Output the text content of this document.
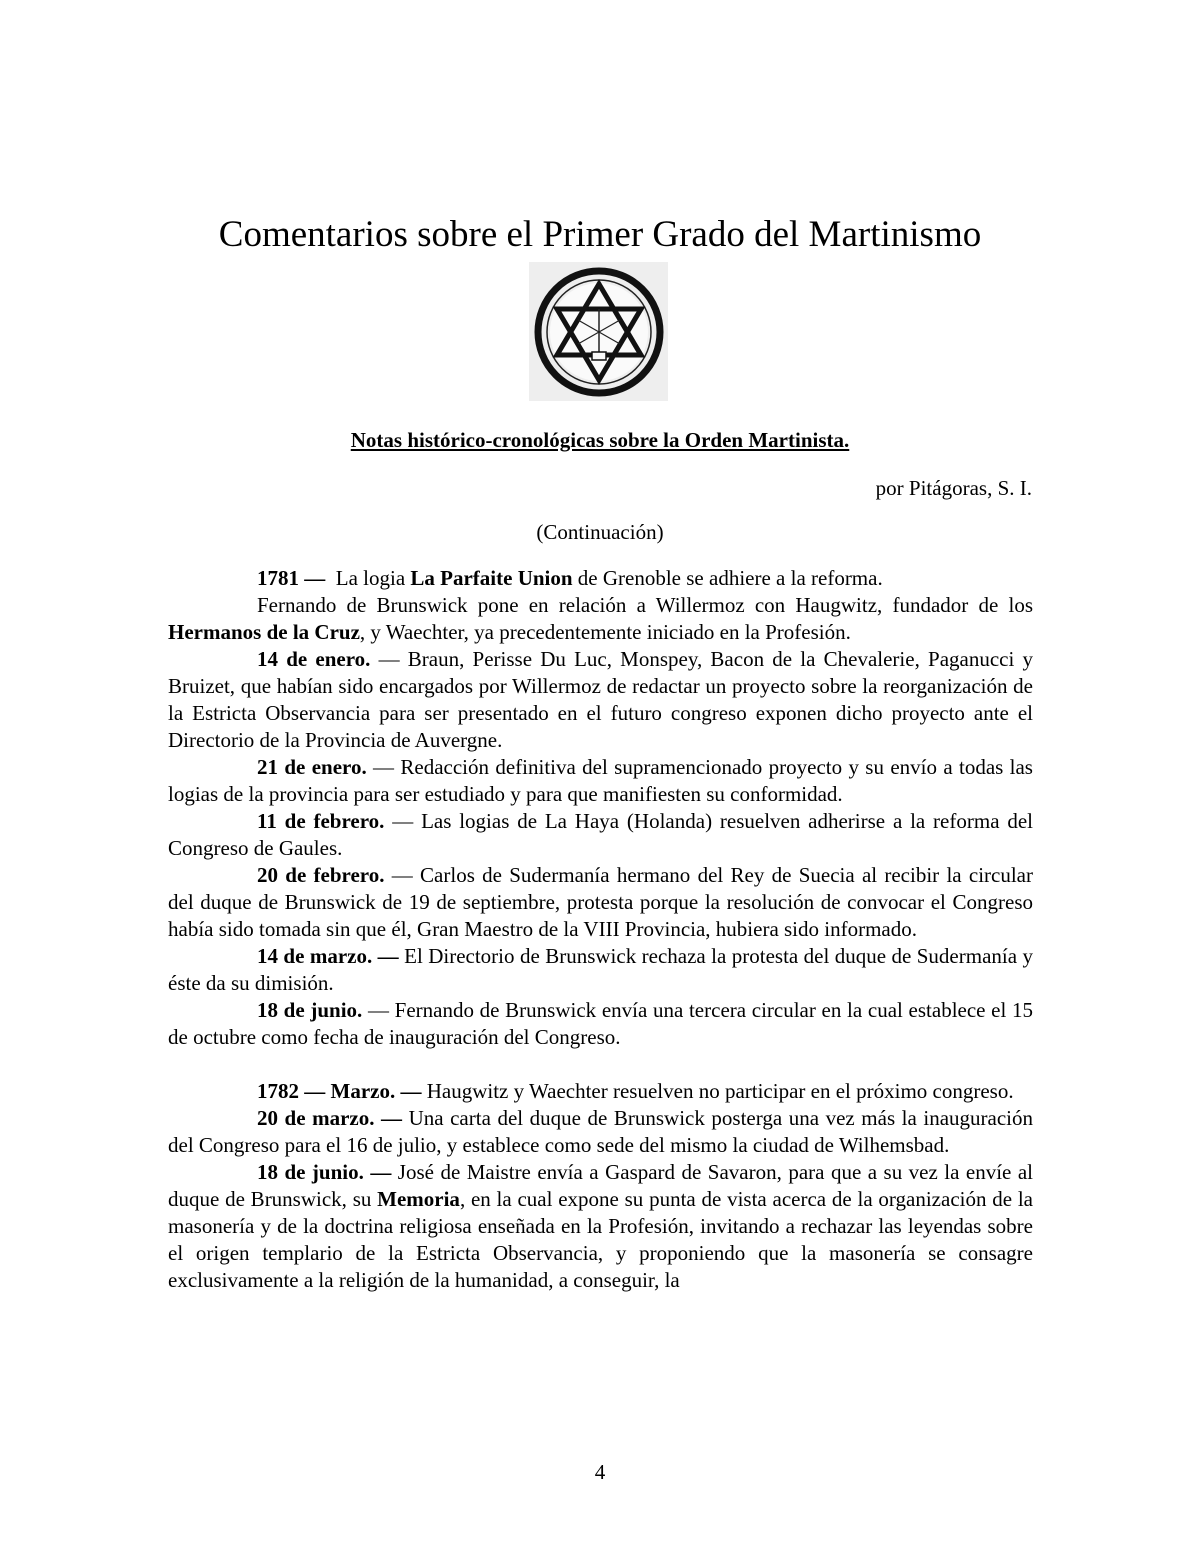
Comentarios sobre el Primer Grado del Martinismo

Notas histórico-cronológicas sobre la Orden Martinista.

por Pitágoras, S. I.

(Continuación)

1781 —  La logia La Parfaite Union de Grenoble se adhiere a la reforma.

Fernando de Brunswick pone en relación a Willermoz con Haugwitz, fundador de los Hermanos de la Cruz, y Waechter, ya precedentemente iniciado en la Profesión.

14 de enero. — Braun, Perisse Du Luc, Monspey, Bacon de la Chevalerie, Paganucci y Bruizet, que habían sido encargados por Willermoz de redactar un proyecto sobre la reorganización de la Estricta Observancia para ser presentado en el futuro congreso exponen dicho proyecto ante el Directorio de la Provincia de Auvergne.

21 de enero. — Redacción definitiva del supramencionado proyecto y su envío a todas las logias de la provincia para ser estudiado y para que manifiesten su conformidad.

11 de febrero. — Las logias de La Haya (Holanda) resuelven adherirse a la reforma del Congreso de Gaules.

20 de febrero. — Carlos de Sudermanía hermano del Rey de Suecia al recibir la circular del duque de Brunswick de 19 de septiembre, protesta porque la resolución de convocar el Congreso había sido tomada sin que él, Gran Maestro de la VIII Provincia, hubiera sido informado.

14 de marzo. — El Directorio de Brunswick rechaza la protesta del duque de Sudermanía y éste da su dimisión.

18 de junio. — Fernando de Brunswick envía una tercera circular en la cual establece el 15 de octubre como fecha de inauguración del Congreso.

1782 — Marzo. — Haugwitz y Waechter resuelven no participar en el próximo congreso.

20 de marzo. — Una carta del duque de Brunswick posterga una vez más la inauguración del Congreso para el 16 de julio, y establece como sede del mismo la ciudad de Wilhemsbad.

18 de junio. — José de Maistre envía a Gaspard de Savaron, para que a su vez la envíe al duque de Brunswick, su Memoria, en la cual expone su punta de vista acerca de la organización de la masonería y de la doctrina religiosa enseñada en la Profesión, invitando a rechazar las leyendas sobre el origen templario de la Estricta Observancia, y proponiendo que la masonería se consagre exclusivamente a la religión de la humanidad, a conseguir, la

4
